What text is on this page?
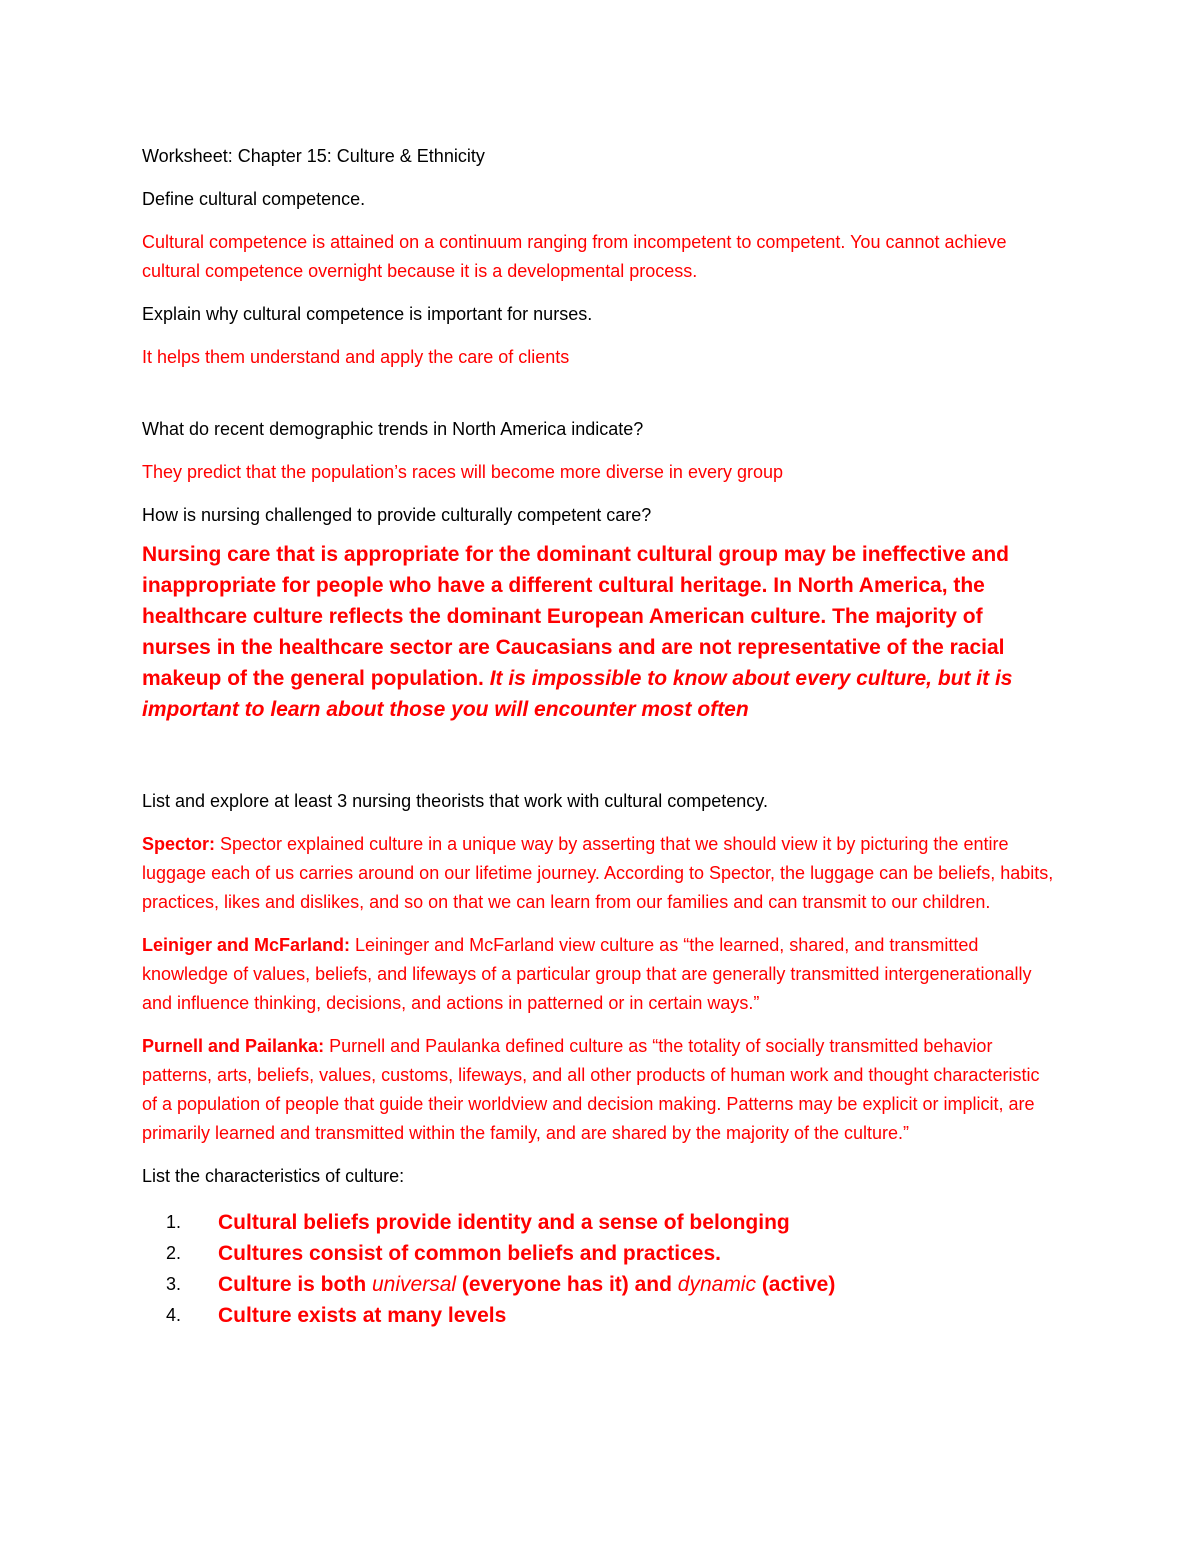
Worksheet: Chapter 15: Culture & Ethnicity

Define cultural competence.

Cultural competence is attained on a continuum ranging from incompetent to competent. You cannot achieve cultural competence overnight because it is a developmental process.

Explain why cultural competence is important for nurses.

It helps them understand and apply the care of clients

What do recent demographic trends in North America indicate?

They predict that the population’s races will become more diverse in every group

How is nursing challenged to provide culturally competent care?

Nursing care that is appropriate for the dominant cultural group may be ineffective and inappropriate for people who have a different cultural heritage. In North America, the healthcare culture reflects the dominant European American culture. The majority of nurses in the healthcare sector are Caucasians and are not representative of the racial makeup of the general population. It is impossible to know about every culture, but it is important to learn about those you will encounter most often

List and explore at least 3 nursing theorists that work with cultural competency.

Spector: Spector explained culture in a unique way by asserting that we should view it by picturing the entire luggage each of us carries around on our lifetime journey. According to Spector, the luggage can be beliefs, habits, practices, likes and dislikes, and so on that we can learn from our families and can transmit to our children.

Leiniger and McFarland: Leininger and McFarland view culture as “the learned, shared, and transmitted knowledge of values, beliefs, and lifeways of a particular group that are generally transmitted intergenerationally and influence thinking, decisions, and actions in patterned or in certain ways.”

Purnell and Pailanka: Purnell and Paulanka defined culture as “the totality of socially transmitted behavior patterns, arts, beliefs, values, customs, lifeways, and all other products of human work and thought characteristic of a population of people that guide their worldview and decision making. Patterns may be explicit or implicit, are primarily learned and transmitted within the family, and are shared by the majority of the culture.”

List the characteristics of culture:

1. Cultural beliefs provide identity and a sense of belonging
2. Cultures consist of common beliefs and practices.
3. Culture is both universal (everyone has it) and dynamic (active)
4. Culture exists at many levels
